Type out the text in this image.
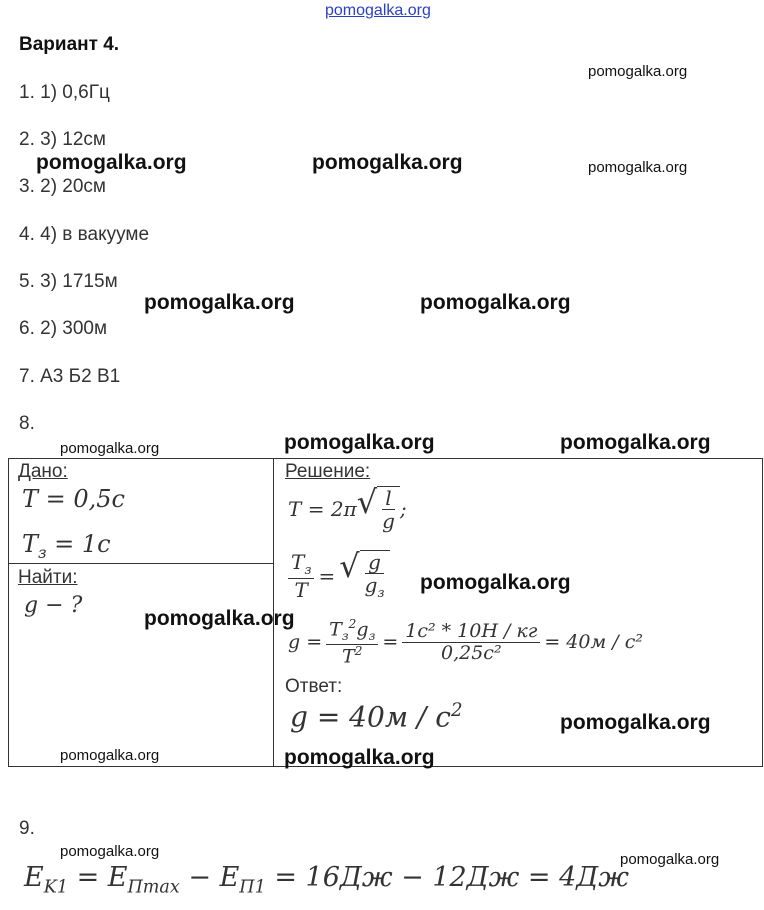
pomogalka.org
Вариант 4.
1. 1) 0,6Гц
2. 3) 12см
3. 2) 20см
4. 4) в вакууме
5. 3) 1715м
6. 2) 300м
7. А3 Б2 В1
8.
Дано:
T = 0,5c
$T_з = 1c$
Найти:
g − ?
Решение:
T = 2π √ $\frac{l}{g}$ ;
$\frac{T_з}{T}$ = √ $\frac{g}{g_з}$
$g = \frac{T_з^2g_з}{T^2} = \frac{\text{1c² * 10H / кг}}{\text{0,25c²}} = 40м / с^2$
Ответ:
$g = 40м / с^2$
9.
$E_{K1} = E_{Пmax} - E_{П1} = 16Дж - 12Дж = 4Дж$
pomogalka.org
pomogalka.org	pomogalka.org	pomogalka.org
pomogalka.org	pomogalka.org
pomogalka.org	pomogalka.org	pomogalka.org
pomogalka.org
pomogalka.org
pomogalka.org
pomogalka.org	pomogalka.org
pomogalka.org	pomogalka.org
